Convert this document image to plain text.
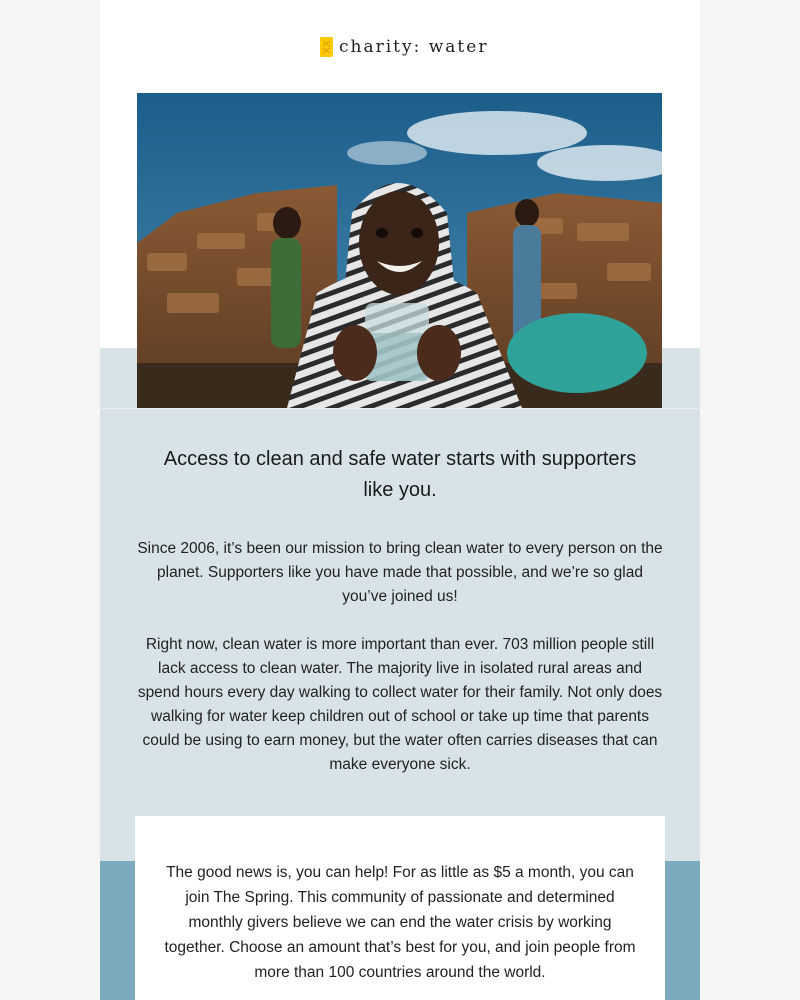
charity: water
Access to clean and safe water starts with supporters like you.

Since 2006, it’s been our mission to bring clean water to every person on the planet. Supporters like you have made that possible, and we’re so glad you’ve joined us!

Right now, clean water is more important than ever. 703 million people still lack access to clean water. The majority live in isolated rural areas and spend hours every day walking to collect water for their family. Not only does walking for water keep children out of school or take up time that parents could be using to earn money, but the water often carries diseases that can make everyone sick.

The good news is, you can help! For as little as $5 a month, you can join The Spring. This community of passionate and determined monthly givers believe we can end the water crisis by working together. Choose an amount that’s best for you, and join people from more than 100 countries around the world.
